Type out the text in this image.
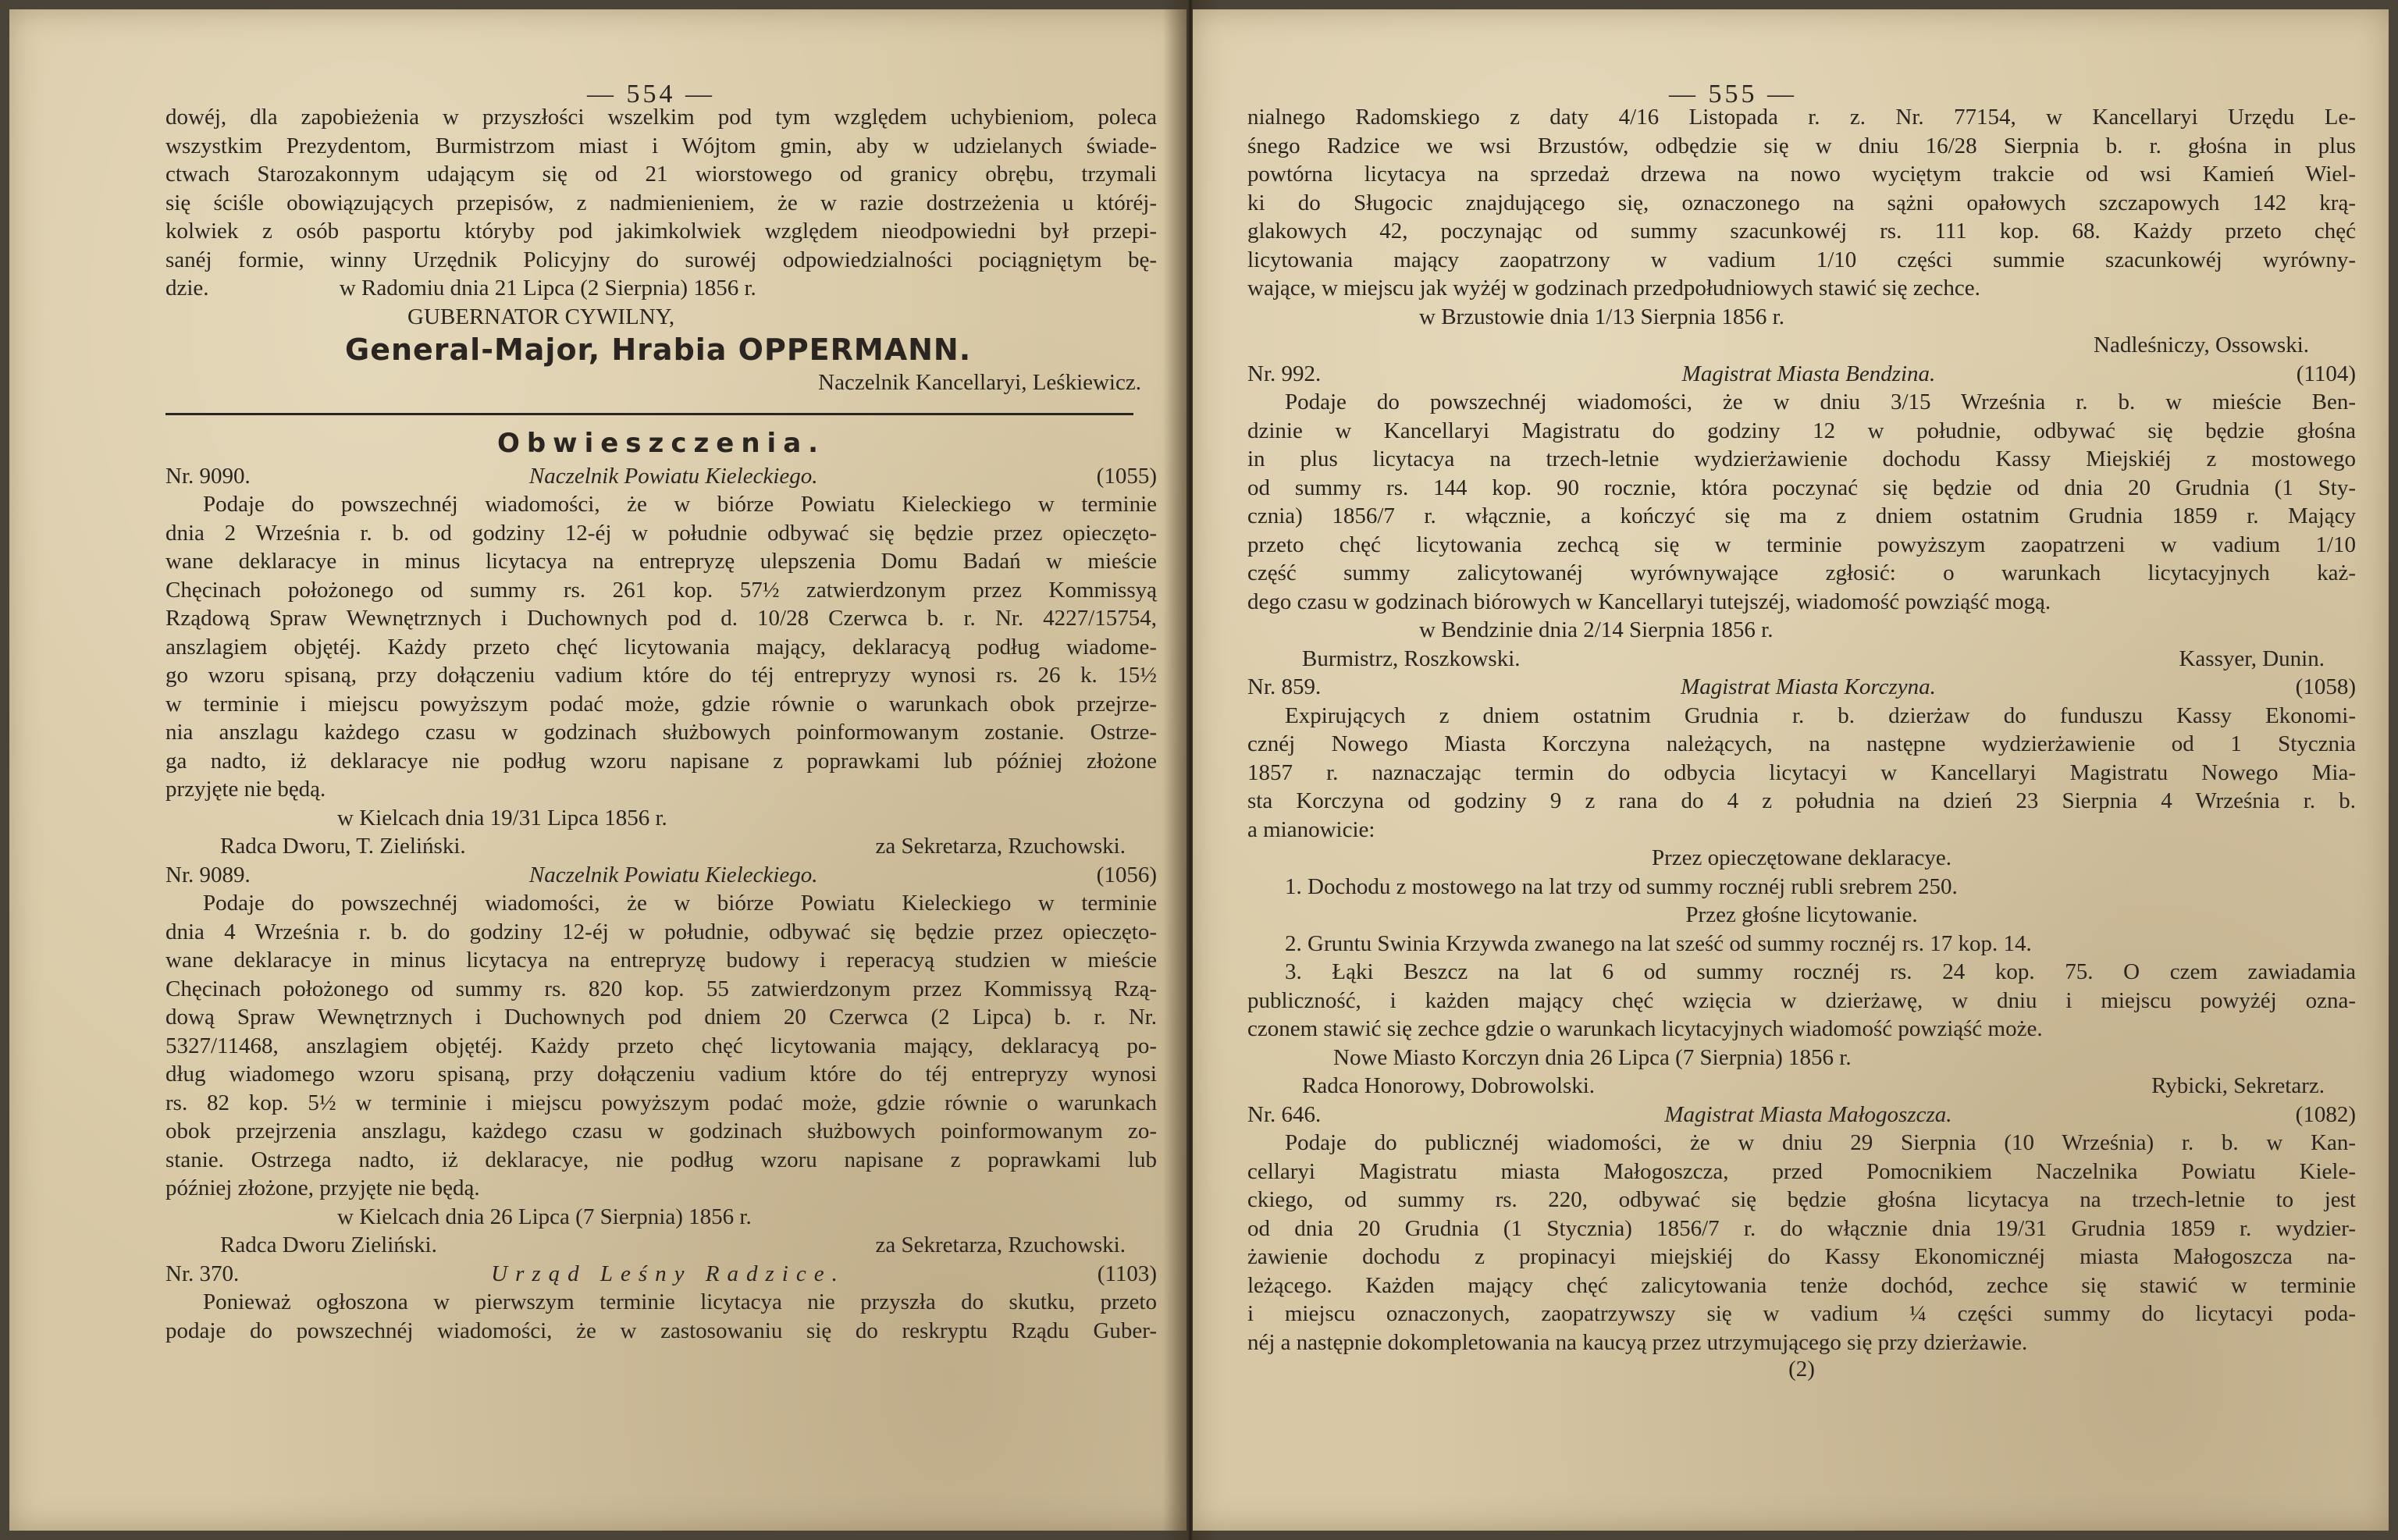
— 554 —
dowéj, dla zapobieżenia w przyszłości wszelkim pod tym względem uchybieniom, poleca
wszystkim Prezydentom, Burmistrzom miast i Wójtom gmin, aby w udzielanych świade-
ctwach Starozakonnym udającym się od 21 wiorstowego od granicy obrębu, trzymali
się ściśle obowiązujących przepisów, z nadmienieniem, że w razie dostrzeżenia u któréj-
kolwiek z osób pasportu któryby pod jakimkolwiek względem nieodpowiedni był przepi-
sanéj formie, winny Urzędnik Policyjny do surowéj odpowiedzialności pociągniętym bę-
dzie.	w Radomiu dnia 21 Lipca (2 Sierpnia) 1856 r.
GUBERNATOR CYWILNY,
General-Major, Hrabia OPPERMANN.
Naczelnik Kancellaryi, Leśkiewicz.
Obwieszczenia.
Nr. 9090.	Naczelnik Powiatu Kieleckiego.	(1055)
Podaje do powszechnéj wiadomości, że w biórze Powiatu Kieleckiego w terminie
dnia 2 Września r. b. od godziny 12-éj w południe odbywać się będzie przez opieczęto-
wane deklaracye in minus licytacya na entrepryzę ulepszenia Domu Badań w mieście
Chęcinach położonego od summy rs. 261 kop. 57½ zatwierdzonym przez Kommissyą
Rządową Spraw Wewnętrznych i Duchownych pod d. 10/28 Czerwca b. r. Nr. 4227/15754,
anszlagiem objętéj. Każdy przeto chęć licytowania mający, deklaracyą podług wiadome-
go wzoru spisaną, przy dołączeniu vadium które do téj entrepryzy wynosi rs. 26 k. 15½
w terminie i miejscu powyższym podać może, gdzie równie o warunkach obok przejrze-
nia anszlagu każdego czasu w godzinach służbowych poinformowanym zostanie. Ostrze-
ga nadto, iż deklaracye nie podług wzoru napisane z poprawkami lub później złożone
przyjęte nie będą.
w Kielcach dnia 19/31 Lipca 1856 r.
Radca Dworu, T. Zieliński.	za Sekretarza, Rzuchowski.
Nr. 9089.	Naczelnik Powiatu Kieleckiego.	(1056)
Podaje do powszechnéj wiadomości, że w biórze Powiatu Kieleckiego w terminie
dnia 4 Września r. b. do godziny 12-éj w południe, odbywać się będzie przez opieczęto-
wane deklaracye in minus licytacya na entrepryzę budowy i reperacyą studzien w mieście
Chęcinach położonego od summy rs. 820 kop. 55 zatwierdzonym przez Kommissyą Rzą-
dową Spraw Wewnętrznych i Duchownych pod dniem 20 Czerwca (2 Lipca) b. r. Nr.
5327/11468, anszlagiem objętéj. Każdy przeto chęć licytowania mający, deklaracyą po-
dług wiadomego wzoru spisaną, przy dołączeniu vadium które do téj entrepryzy wynosi
rs. 82 kop. 5½ w terminie i miejscu powyższym podać może, gdzie równie o warunkach
obok przejrzenia anszlagu, każdego czasu w godzinach służbowych poinformowanym zo-
stanie. Ostrzega nadto, iż deklaracye, nie podług wzoru napisane z poprawkami lub
później złożone, przyjęte nie będą.
w Kielcach dnia 26 Lipca (7 Sierpnia) 1856 r.
Radca Dworu Zieliński.	za Sekretarza, Rzuchowski.
Nr. 370.	Urząd Leśny Radzice.	(1103)
Ponieważ ogłoszona w pierwszym terminie licytacya nie przyszła do skutku, przeto
podaje do powszechnéj wiadomości, że w zastosowaniu się do reskryptu Rządu Guber-
— 555 —
nialnego Radomskiego z daty 4/16 Listopada r. z. Nr. 77154, w Kancellaryi Urzędu Le-
śnego Radzice we wsi Brzustów, odbędzie się w dniu 16/28 Sierpnia b. r. głośna in plus
powtórna licytacya na sprzedaż drzewa na nowo wyciętym trakcie od wsi Kamień Wiel-
ki do Sługocic znajdującego się, oznaczonego na sążni opałowych szczapowych 142 krą-
glakowych 42, poczynając od summy szacunkowéj rs. 111 kop. 68. Każdy przeto chęć
licytowania mający zaopatrzony w vadium 1/10 części summie szacunkowéj wyrówny-
wające, w miejscu jak wyżéj w godzinach przedpołudniowych stawić się zechce.
w Brzustowie dnia 1/13 Sierpnia 1856 r.
Nadleśniczy, Ossowski.
Nr. 992.	Magistrat Miasta Bendzina.	(1104)
Podaje do powszechnéj wiadomości, że w dniu 3/15 Września r. b. w mieście Ben-
dzinie w Kancellaryi Magistratu do godziny 12 w południe, odbywać się będzie głośna
in plus licytacya na trzech-letnie wydzierżawienie dochodu Kassy Miejskiéj z mostowego
od summy rs. 144 kop. 90 rocznie, która poczynać się będzie od dnia 20 Grudnia (1 Sty-
cznia) 1856/7 r. włącznie, a kończyć się ma z dniem ostatnim Grudnia 1859 r. Mający
przeto chęć licytowania zechcą się w terminie powyższym zaopatrzeni w vadium 1/10
część summy zalicytowanéj wyrównywające zgłosić: o warunkach licytacyjnych każ-
dego czasu w godzinach biórowych w Kancellaryi tutejszéj, wiadomość powziąść mogą.
w Bendzinie dnia 2/14 Sierpnia 1856 r.
Burmistrz, Roszkowski.	Kassyer, Dunin.
Nr. 859.	Magistrat Miasta Korczyna.	(1058)
Expirujących z dniem ostatnim Grudnia r. b. dzierżaw do funduszu Kassy Ekonomi-
cznéj Nowego Miasta Korczyna należących, na następne wydzierżawienie od 1 Stycznia
1857 r. naznaczając termin do odbycia licytacyi w Kancellaryi Magistratu Nowego Mia-
sta Korczyna od godziny 9 z rana do 4 z południa na dzień 23 Sierpnia 4 Września r. b.
a mianowicie:
Przez opieczętowane deklaracye.
1. Dochodu z mostowego na lat trzy od summy rocznéj rubli srebrem 250.
Przez głośne licytowanie.
2. Gruntu Swinia Krzywda zwanego na lat sześć od summy rocznéj rs. 17 kop. 14.
3. Łąki Beszcz na lat 6 od summy rocznéj rs. 24 kop. 75. O czem zawiadamia
publiczność, i każden mający chęć wzięcia w dzierżawę, w dniu i miejscu powyżéj ozna-
czonem stawić się zechce gdzie o warunkach licytacyjnych wiadomość powziąść może.
Nowe Miasto Korczyn dnia 26 Lipca (7 Sierpnia) 1856 r.
Radca Honorowy, Dobrowolski.	Rybicki, Sekretarz.
Nr. 646.	Magistrat Miasta Małogoszcza.	(1082)
Podaje do publicznéj wiadomości, że w dniu 29 Sierpnia (10 Września) r. b. w Kan-
cellaryi Magistratu miasta Małogoszcza, przed Pomocnikiem Naczelnika Powiatu Kiele-
ckiego, od summy rs. 220, odbywać się będzie głośna licytacya na trzech-letnie to jest
od dnia 20 Grudnia (1 Stycznia) 1856/7 r. do włącznie dnia 19/31 Grudnia 1859 r. wydzier-
żawienie dochodu z propinacyi miejskiéj do Kassy Ekonomicznéj miasta Małogoszcza na-
leżącego. Każden mający chęć zalicytowania tenże dochód, zechce się stawić w terminie
i miejscu oznaczonych, zaopatrzywszy się w vadium ¼ części summy do licytacyi poda-
néj a następnie dokompletowania na kaucyą przez utrzymującego się przy dzierżawie.
(2)
